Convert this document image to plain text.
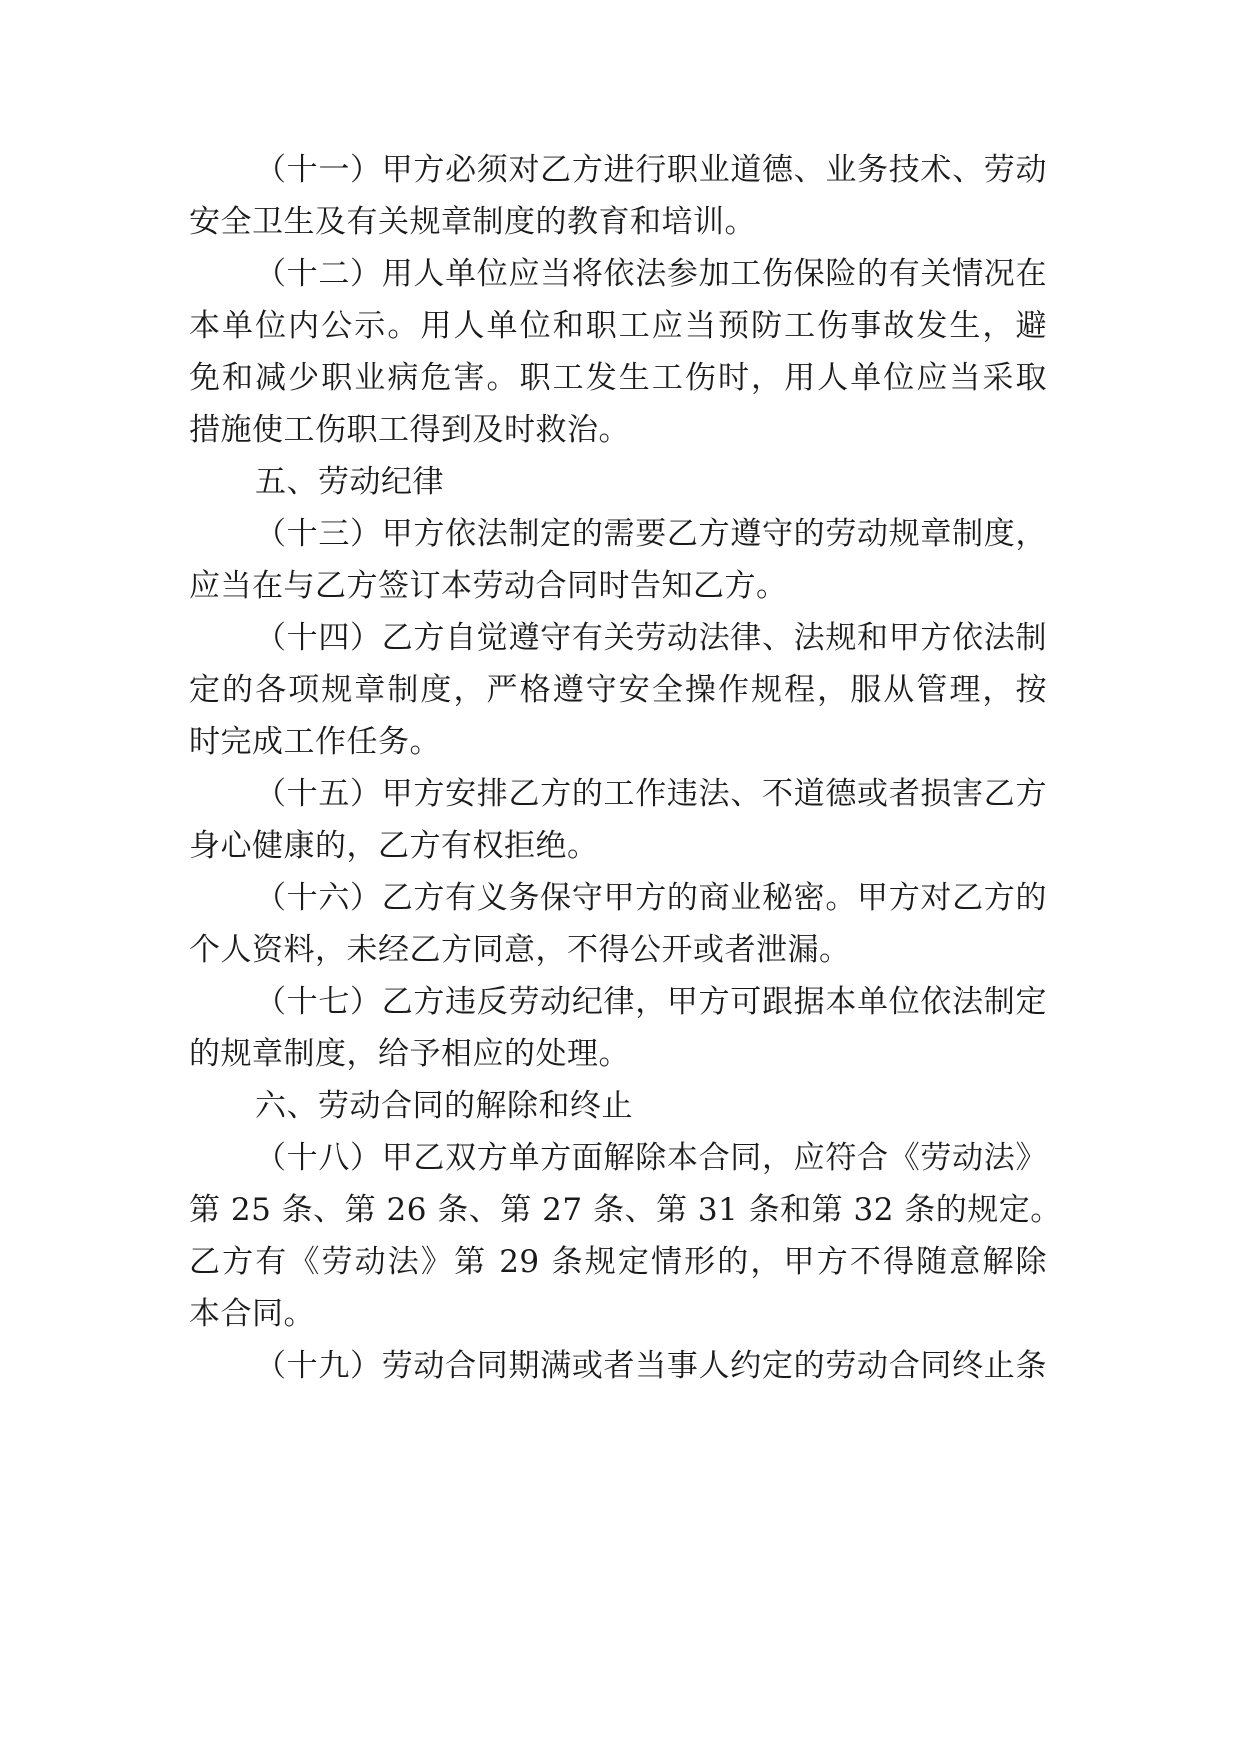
（十一）甲方必须对乙方进行职业道德、业务技术、劳动
安全卫生及有关规章制度的教育和培训。
（十二）用人单位应当将依法参加工伤保险的有关情况在
本单位内公示。用人单位和职工应当预防工伤事故发生，避
免和减少职业病危害。职工发生工伤时，用人单位应当采取
措施使工伤职工得到及时救治。
五、劳动纪律
（十三）甲方依法制定的需要乙方遵守的劳动规章制度，
应当在与乙方签订本劳动合同时告知乙方。
（十四）乙方自觉遵守有关劳动法律、法规和甲方依法制
定的各项规章制度，严格遵守安全操作规程，服从管理，按
时完成工作任务。
（十五）甲方安排乙方的工作违法、不道德或者损害乙方
身心健康的，乙方有权拒绝。
（十六）乙方有义务保守甲方的商业秘密。甲方对乙方的
个人资料，未经乙方同意，不得公开或者泄漏。
（十七）乙方违反劳动纪律，甲方可跟据本单位依法制定
的规章制度，给予相应的处理。
六、劳动合同的解除和终止
（十八）甲乙双方单方面解除本合同，应符合《劳动法》
第 25 条、第 26 条、第 27 条、第 31 条和第 32 条的规定。
乙方有《劳动法》第 29 条规定情形的，甲方不得随意解除
本合同。
（十九）劳动合同期满或者当事人约定的劳动合同终止条
